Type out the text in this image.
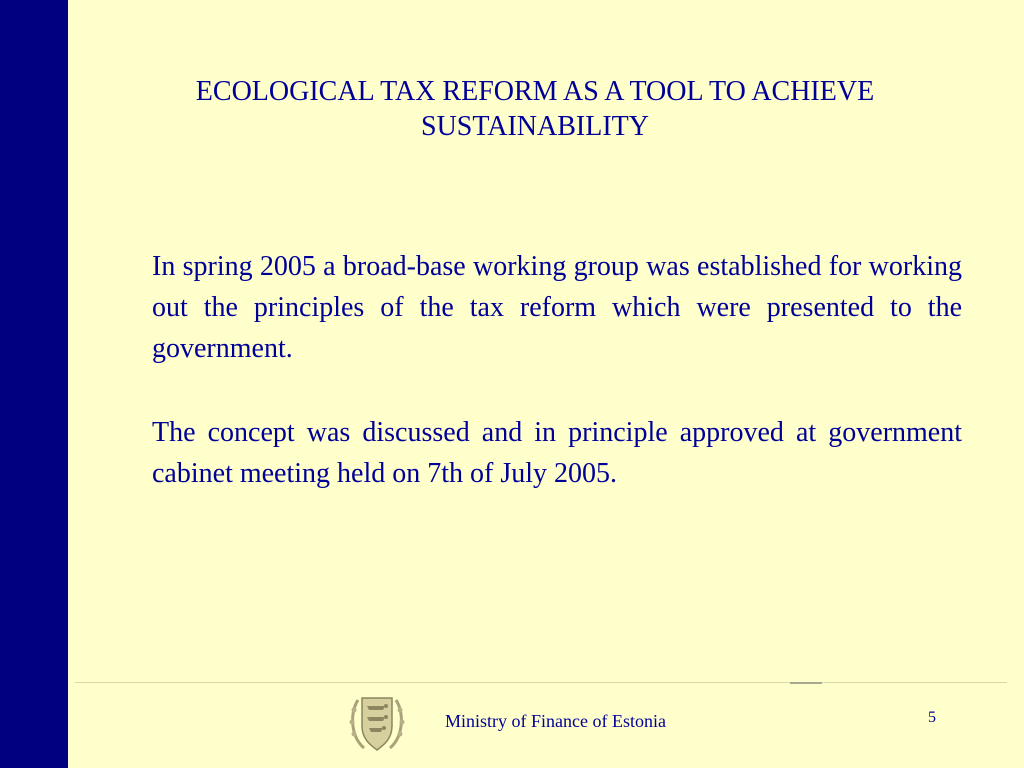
ECOLOGICAL TAX REFORM AS A TOOL TO ACHIEVE SUSTAINABILITY

In spring 2005 a broad-base working group was established for working out the principles of the tax reform which were presented to the government.

The concept was discussed and in principle approved at government cabinet meeting held on 7th of July 2005.

Ministry of Finance of Estonia	5
